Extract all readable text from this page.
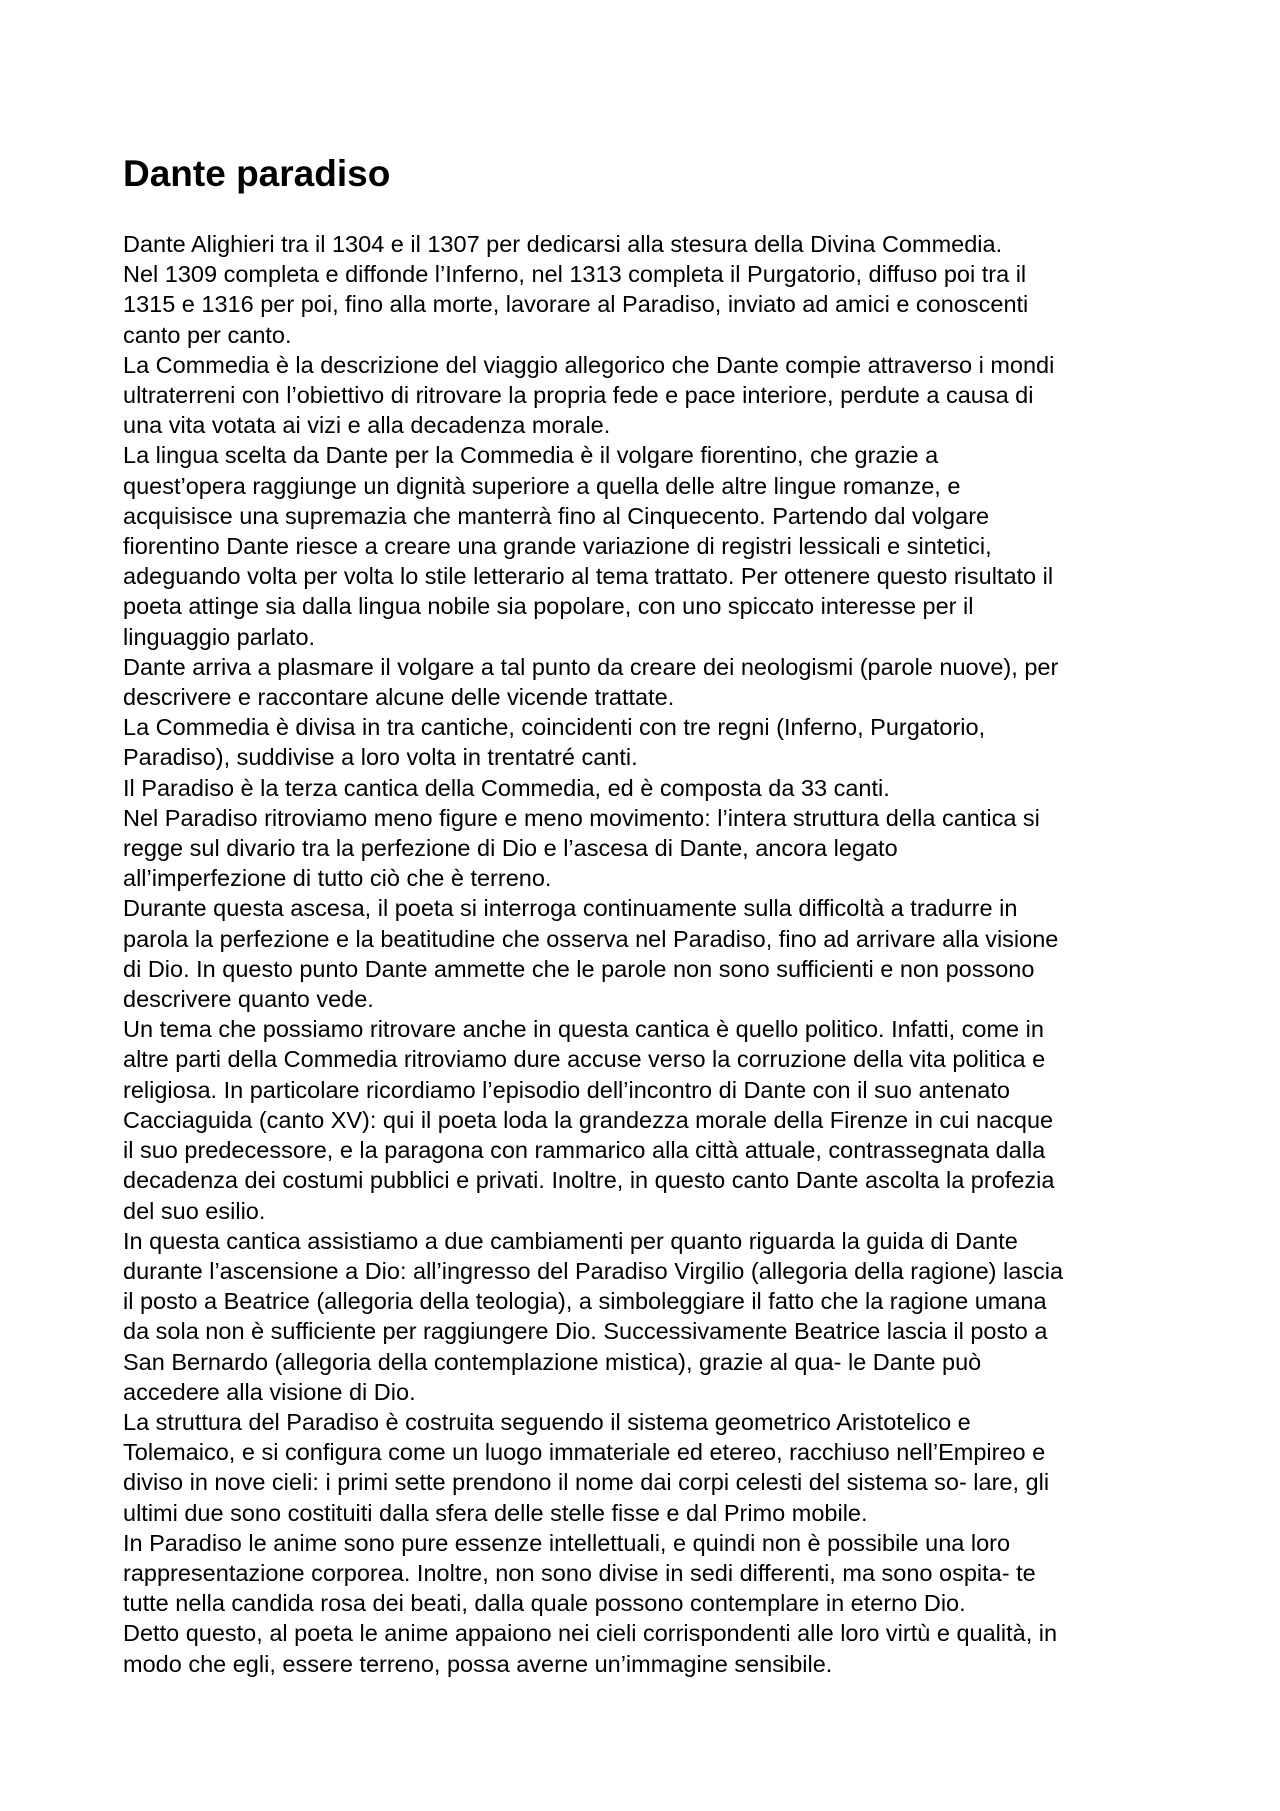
Dante paradiso
Dante Alighieri tra il 1304 e il 1307 per dedicarsi alla stesura della Divina Commedia.
Nel 1309 completa e diffonde l’Inferno, nel 1313 completa il Purgatorio, diffuso poi tra il
1315 e 1316 per poi, fino alla morte, lavorare al Paradiso, inviato ad amici e conoscenti
canto per canto.
La Commedia è la descrizione del viaggio allegorico che Dante compie attraverso i mondi
ultraterreni con l’obiettivo di ritrovare la propria fede e pace interiore, perdute a causa di
una vita votata ai vizi e alla decadenza morale.
La lingua scelta da Dante per la Commedia è il volgare fiorentino, che grazie a
quest’opera raggiunge un dignità superiore a quella delle altre lingue romanze, e
acquisisce una supremazia che manterrà fino al Cinquecento. Partendo dal volgare
fiorentino Dante riesce a creare una grande variazione di registri lessicali e sintetici,
adeguando volta per volta lo stile letterario al tema trattato. Per ottenere questo risultato il
poeta attinge sia dalla lingua nobile sia popolare, con uno spiccato interesse per il
linguaggio parlato.
Dante arriva a plasmare il volgare a tal punto da creare dei neologismi (parole nuove), per
descrivere e raccontare alcune delle vicende trattate.
La Commedia è divisa in tra cantiche, coincidenti con tre regni (Inferno, Purgatorio,
Paradiso), suddivise a loro volta in trentatré canti.
Il Paradiso è la terza cantica della Commedia, ed è composta da 33 canti.
Nel Paradiso ritroviamo meno figure e meno movimento: l’intera struttura della cantica si
regge sul divario tra la perfezione di Dio e l’ascesa di Dante, ancora legato
all’imperfezione di tutto ciò che è terreno.
Durante questa ascesa, il poeta si interroga continuamente sulla difficoltà a tradurre in
parola la perfezione e la beatitudine che osserva nel Paradiso, fino ad arrivare alla visione
di Dio. In questo punto Dante ammette che le parole non sono sufficienti e non possono
descrivere quanto vede.
Un tema che possiamo ritrovare anche in questa cantica è quello politico. Infatti, come in
altre parti della Commedia ritroviamo dure accuse verso la corruzione della vita politica e
religiosa. In particolare ricordiamo l’episodio dell’incontro di Dante con il suo antenato
Cacciaguida (canto XV): qui il poeta loda la grandezza morale della Firenze in cui nacque
il suo predecessore, e la paragona con rammarico alla città attuale, contrassegnata dalla
decadenza dei costumi pubblici e privati. Inoltre, in questo canto Dante ascolta la profezia
del suo esilio.
In questa cantica assistiamo a due cambiamenti per quanto riguarda la guida di Dante
durante l’ascensione a Dio: all’ingresso del Paradiso Virgilio (allegoria della ragione) lascia
il posto a Beatrice (allegoria della teologia), a simboleggiare il fatto che la ragione umana
da sola non è sufficiente per raggiungere Dio. Successivamente Beatrice lascia il posto a
San Bernardo (allegoria della contemplazione mistica), grazie al qua- le Dante può
accedere alla visione di Dio.
La struttura del Paradiso è costruita seguendo il sistema geometrico Aristotelico e
Tolemaico, e si configura come un luogo immateriale ed etereo, racchiuso nell’Empireo e
diviso in nove cieli: i primi sette prendono il nome dai corpi celesti del sistema so- lare, gli
ultimi due sono costituiti dalla sfera delle stelle fisse e dal Primo mobile.
In Paradiso le anime sono pure essenze intellettuali, e quindi non è possibile una loro
rappresentazione corporea. Inoltre, non sono divise in sedi differenti, ma sono ospita- te
tutte nella candida rosa dei beati, dalla quale possono contemplare in eterno Dio.
Detto questo, al poeta le anime appaiono nei cieli corrispondenti alle loro virtù e qualità, in
modo che egli, essere terreno, possa averne un’immagine sensibile.
